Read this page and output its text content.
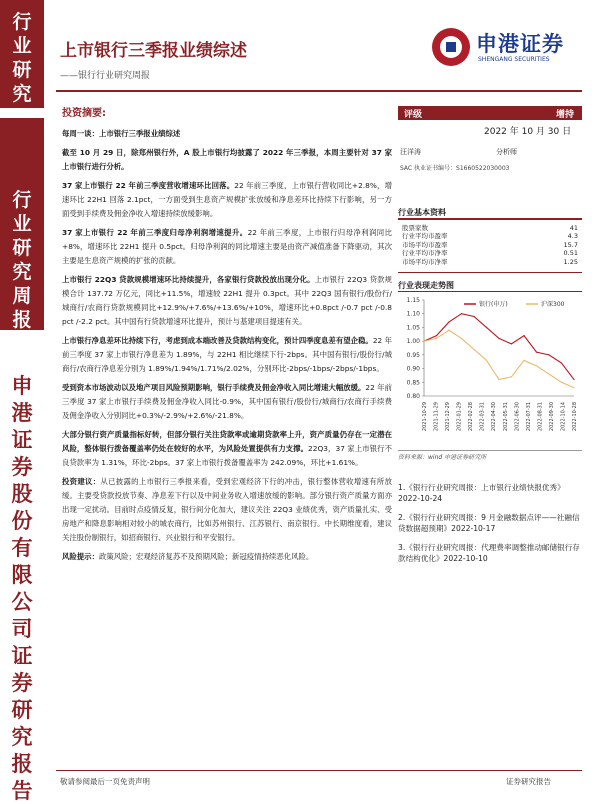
行
业
研
究
行
业
研
究
周
报
申
港
证
券
股
份
有
限
公
司
证
券
研
究
报
告
上市银行三季报业绩综述
——银行行业研究周报
申港证券
SHENGANG SECURITIES
投资摘要:

每周一谈：上市银行三季报业绩综述

截至 10 月 29 日，除郑州银行外，A 股上市银行均披露了 2022 年三季报，本周主要针对 37 家上市银行进行分析。

37 家上市银行 22 年前三季度营收增速环比回落。22 年前三季度，上市银行营收同比+2.8%，增速环比 22H1 回落 2.1pct，一方面受到生息资产规模扩张放缓和净息差环比持续下行影响，另一方面受到手续费及佣金净收入增速持续放缓影响。

37 家上市银行 22 年前三季度归母净利润增速提升。22 年前三季度，上市银行归母净利润同比+8%，增速环比 22H1 提升 0.5pct。归母净利润的同比增速主要是由资产减值准备下降驱动，其次主要是生息资产规模的扩张的贡献。

上市银行 22Q3 贷款规模增速环比持续提升，各家银行贷款投放出现分化。上市银行 22Q3 贷款规模合计 137.72 万亿元，同比+11.5%，增速较 22H1 提升 0.3pct。其中 22Q3 国有银行/股份行/城商行/农商行贷款规模同比+12.9%/+7.6%/+13.6%/+10%，增速环比+0.8pct /-0.7 pct /-0.8 pct /-2.2 pct。其中国有行贷款增速环比提升，预计与基建项目提速有关。

上市银行净息差环比持续下行，考虑到成本端改善及贷款结构变化，预计四季度息差有望企稳。22 年前三季度 37 家上市银行净息差为 1.89%，与 22H1 相比继续下行-2bps。其中国有银行/股份行/城商行/农商行净息差分别为 1.89%/1.94%/1.71%/2.02%，分别环比-2bps/-1bps/-2bps/-1bps。

受到资本市场波动以及地产项目风险预期影响，银行手续费及佣金净收入同比增速大幅放缓。22 年前三季度 37 家上市银行手续费及佣金净收入同比-0.9%，其中国有银行/股份行/城商行/农商行手续费及佣金净收入分别同比+0.3%/-2.9%/+2.6%/-21.8%。

大部分银行资产质量指标好转，但部分银行关注贷款率或逾期贷款率上升，资产质量仍存在一定潜在风险，整体银行拨备覆盖率仍处在较好的水平，为风险处置提供有力支撑。22Q3，37 家上市银行不良贷款率为 1.31%，环比-2bps。37 家上市银行拨备覆盖率为 242.09%，环比+1.61%。

投资建议：从已披露的上市银行三季报来看，受到宏观经济下行的冲击，银行整体营收增速有所放缓。主要受贷款投放节奏、净息差下行以及中间业务收入增速放缓的影响。部分银行资产质量方面亦出现一定扰动。目前时点疫情反复，银行间分化加大，建议关注 22Q3 业绩优秀，资产质量扎实、受房地产和降息影响相对较小的城农商行，比如苏州银行、江苏银行、南京银行。中长期维度看，建议关注股份制银行，如招商银行、兴业银行和平安银行。

风险提示：政策风险；宏观经济复苏不及预期风险；新冠疫情持续恶化风险。

评级	增持
2022 年 10 月 30 日
汪洋涛	分析师
SAC 执业证书编号：S1660522030003
行业基本资料
股票家数	41
行业平均市盈率	4.3
市场平均市盈率	15.7
行业平均市净率	0.51
市场平均市净率	1.25
行业表现走势图
0.80
0.85
0.90
0.95
1.00
1.05
1.10
1.15
2021-10-29 2021-11-29 2021-12-29 2022-01-29 2022-02-28 2022-03-31 2022-04-30 2022-05-31 2022-06-30 2022-07-31 2022-08-31 2022-09-30 2022-10-14 2022-10-28
银行(申万)	沪深300
资料来源：wind 申港证券研究所
1.《银行行业研究周报：上市银行业绩快报优秀》2022-10-24
2.《银行行业研究周报：9 月金融数据点评——社融信贷数据超预期》2022-10-17
3.《银行行业研究周报：代理费率调整推动邮储银行存款结构优化》2022-10-10
敬请参阅最后一页免责声明	证券研究报告
